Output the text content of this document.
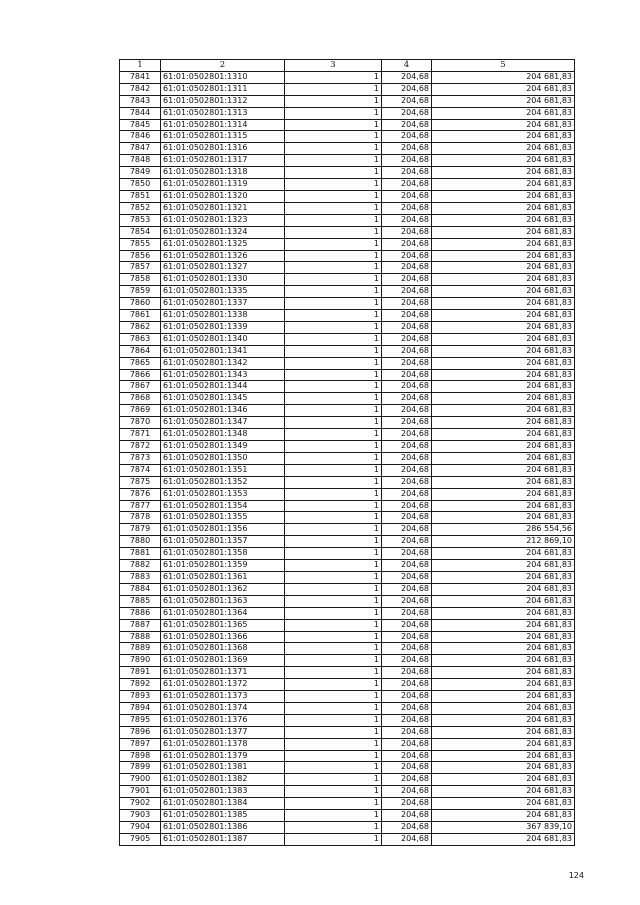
1	2	3	4	5
7841	61:01:0502801:1310	1	204,68	204 681,83
7842	61:01:0502801:1311	1	204,68	204 681,83
7843	61:01:0502801:1312	1	204,68	204 681,83
7844	61:01:0502801:1313	1	204,68	204 681,83
7845	61:01:0502801:1314	1	204,68	204 681,83
7846	61:01:0502801:1315	1	204,68	204 681,83
7847	61:01:0502801:1316	1	204,68	204 681,83
7848	61:01:0502801:1317	1	204,68	204 681,83
7849	61:01:0502801:1318	1	204,68	204 681,83
7850	61:01:0502801:1319	1	204,68	204 681,83
7851	61:01:0502801:1320	1	204,68	204 681,83
7852	61:01:0502801:1321	1	204,68	204 681,83
7853	61:01:0502801:1323	1	204,68	204 681,83
7854	61:01:0502801:1324	1	204,68	204 681,83
7855	61:01:0502801:1325	1	204,68	204 681,83
7856	61:01:0502801:1326	1	204,68	204 681,83
7857	61:01:0502801:1327	1	204,68	204 681,83
7858	61:01:0502801:1330	1	204,68	204 681,83
7859	61:01:0502801:1335	1	204,68	204 681,83
7860	61:01:0502801:1337	1	204,68	204 681,83
7861	61:01:0502801:1338	1	204,68	204 681,83
7862	61:01:0502801:1339	1	204,68	204 681,83
7863	61:01:0502801:1340	1	204,68	204 681,83
7864	61:01:0502801:1341	1	204,68	204 681,83
7865	61:01:0502801:1342	1	204,68	204 681,83
7866	61:01:0502801:1343	1	204,68	204 681,83
7867	61:01:0502801:1344	1	204,68	204 681,83
7868	61:01:0502801:1345	1	204,68	204 681,83
7869	61:01:0502801:1346	1	204,68	204 681,83
7870	61:01:0502801:1347	1	204,68	204 681,83
7871	61:01:0502801:1348	1	204,68	204 681,83
7872	61:01:0502801:1349	1	204,68	204 681,83
7873	61:01:0502801:1350	1	204,68	204 681,83
7874	61:01:0502801:1351	1	204,68	204 681,83
7875	61:01:0502801:1352	1	204,68	204 681,83
7876	61:01:0502801:1353	1	204,68	204 681,83
7877	61:01:0502801:1354	1	204,68	204 681,83
7878	61:01:0502801:1355	1	204,68	204 681,83
7879	61:01:0502801:1356	1	204,68	286 554,56
7880	61:01:0502801:1357	1	204,68	212 869,10
7881	61:01:0502801:1358	1	204,68	204 681,83
7882	61:01:0502801:1359	1	204,68	204 681,83
7883	61:01:0502801:1361	1	204,68	204 681,83
7884	61:01:0502801:1362	1	204,68	204 681,83
7885	61:01:0502801:1363	1	204,68	204 681,83
7886	61:01:0502801:1364	1	204,68	204 681,83
7887	61:01:0502801:1365	1	204,68	204 681,83
7888	61:01:0502801:1366	1	204,68	204 681,83
7889	61:01:0502801:1368	1	204,68	204 681,83
7890	61:01:0502801:1369	1	204,68	204 681,83
7891	61:01:0502801:1371	1	204,68	204 681,83
7892	61:01:0502801:1372	1	204,68	204 681,83
7893	61:01:0502801:1373	1	204,68	204 681,83
7894	61:01:0502801:1374	1	204,68	204 681,83
7895	61:01:0502801:1376	1	204,68	204 681,83
7896	61:01:0502801:1377	1	204,68	204 681,83
7897	61:01:0502801:1378	1	204,68	204 681,83
7898	61:01:0502801:1379	1	204,68	204 681,83
7899	61:01:0502801:1381	1	204,68	204 681,83
7900	61:01:0502801:1382	1	204,68	204 681,83
7901	61:01:0502801:1383	1	204,68	204 681,83
7902	61:01:0502801:1384	1	204,68	204 681,83
7903	61:01:0502801:1385	1	204,68	204 681,83
7904	61:01:0502801:1386	1	204,68	367 839,10
7905	61:01:0502801:1387	1	204,68	204 681,83
124
